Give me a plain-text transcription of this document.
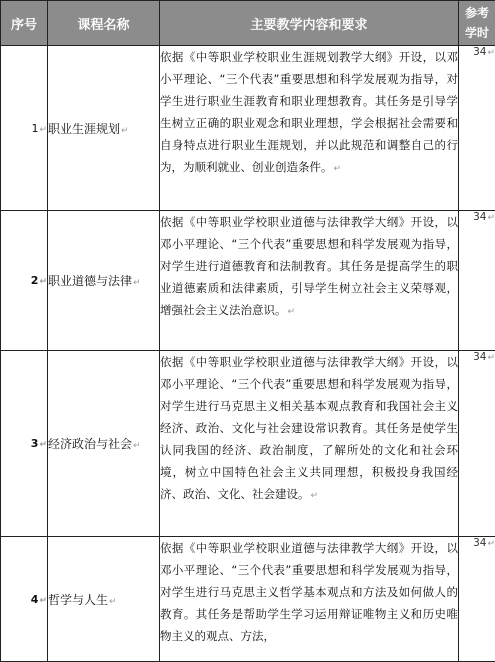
序号	课程名称	主要教学内容和要求	参考
学时

1↵	职业生涯规划↵	依据《中等职业学校职业生涯规划教学大纲》开设，以邓小平理论、“三个代表”重要思想和科学发展观为指导，对学生进行职业生涯教育和职业理想教育。其任务是引导学生树立正确的职业观念和职业理想，学会根据社会需要和自身特点进行职业生涯规划，并以此规范和调整自己的行为，为顺利就业、创业创造条件。↵	34↵
2↵	职业道德与法律↵	依据《中等职业学校职业道德与法律教学大纲》开设，以邓小平理论、“三个代表”重要思想和科学发展观为指导，对学生进行道德教育和法制教育。其任务是提高学生的职业道德素质和法律素质，引导学生树立社会主义荣辱观，增强社会主义法治意识。↵	34↵
3↵	经济政治与社会↵	依据《中等职业学校职业道德与法律教学大纲》开设，以邓小平理论、“三个代表”重要思想和科学发展观为指导，对学生进行马克思主义相关基本观点教育和我国社会主义经济、政治、文化与社会建设常识教育。其任务是使学生认同我国的经济、政治制度，了解所处的文化和社会环境，树立中国特色社会主义共同理想，积极投身我国经济、政治、文化、社会建设。↵	34↵
4↵	哲学与人生↵	依据《中等职业学校职业道德与法律教学大纲》开设，以邓小平理论、“三个代表”重要思想和科学发展观为指导，对学生进行马克思主义哲学基本观点和方法及如何做人的教育。其任务是帮助学生学习运用辩证唯物主义和历史唯物主义的观点、方法，	34↵
